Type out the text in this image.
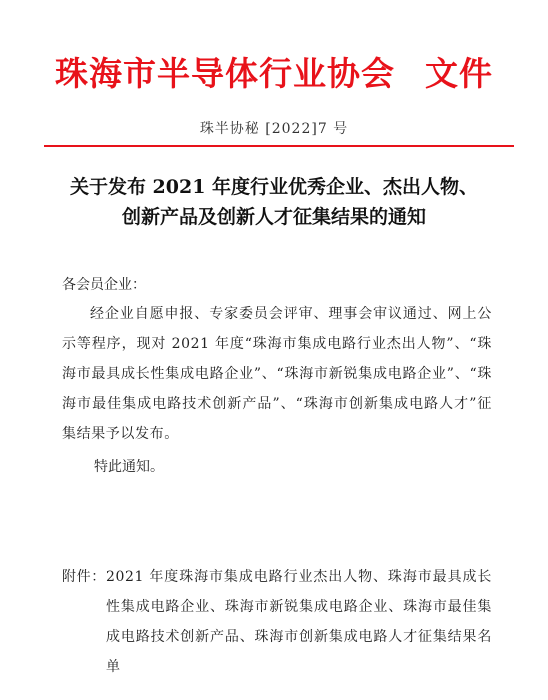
珠海市半导体行业协会 文件
珠半协秘 [2022]7 号
关于发布 2021 年度行业优秀企业、杰出人物、
创新产品及创新人才征集结果的通知
各会员企业：
经企业自愿申报、专家委员会评审、理事会审议通过、网上公示等程序，现对 2021 年度“珠海市集成电路行业杰出人物”、“珠海市最具成长性集成电路企业”、“珠海市新锐集成电路企业”、“珠海市最佳集成电路技术创新产品”、“珠海市创新集成电路人才”征集结果予以发布。
特此通知。
附件： 2021 年度珠海市集成电路行业杰出人物、珠海市最具成长性集成电路企业、珠海市新锐集成电路企业、珠海市最佳集成电路技术创新产品、珠海市创新集成电路人才征集结果名单
